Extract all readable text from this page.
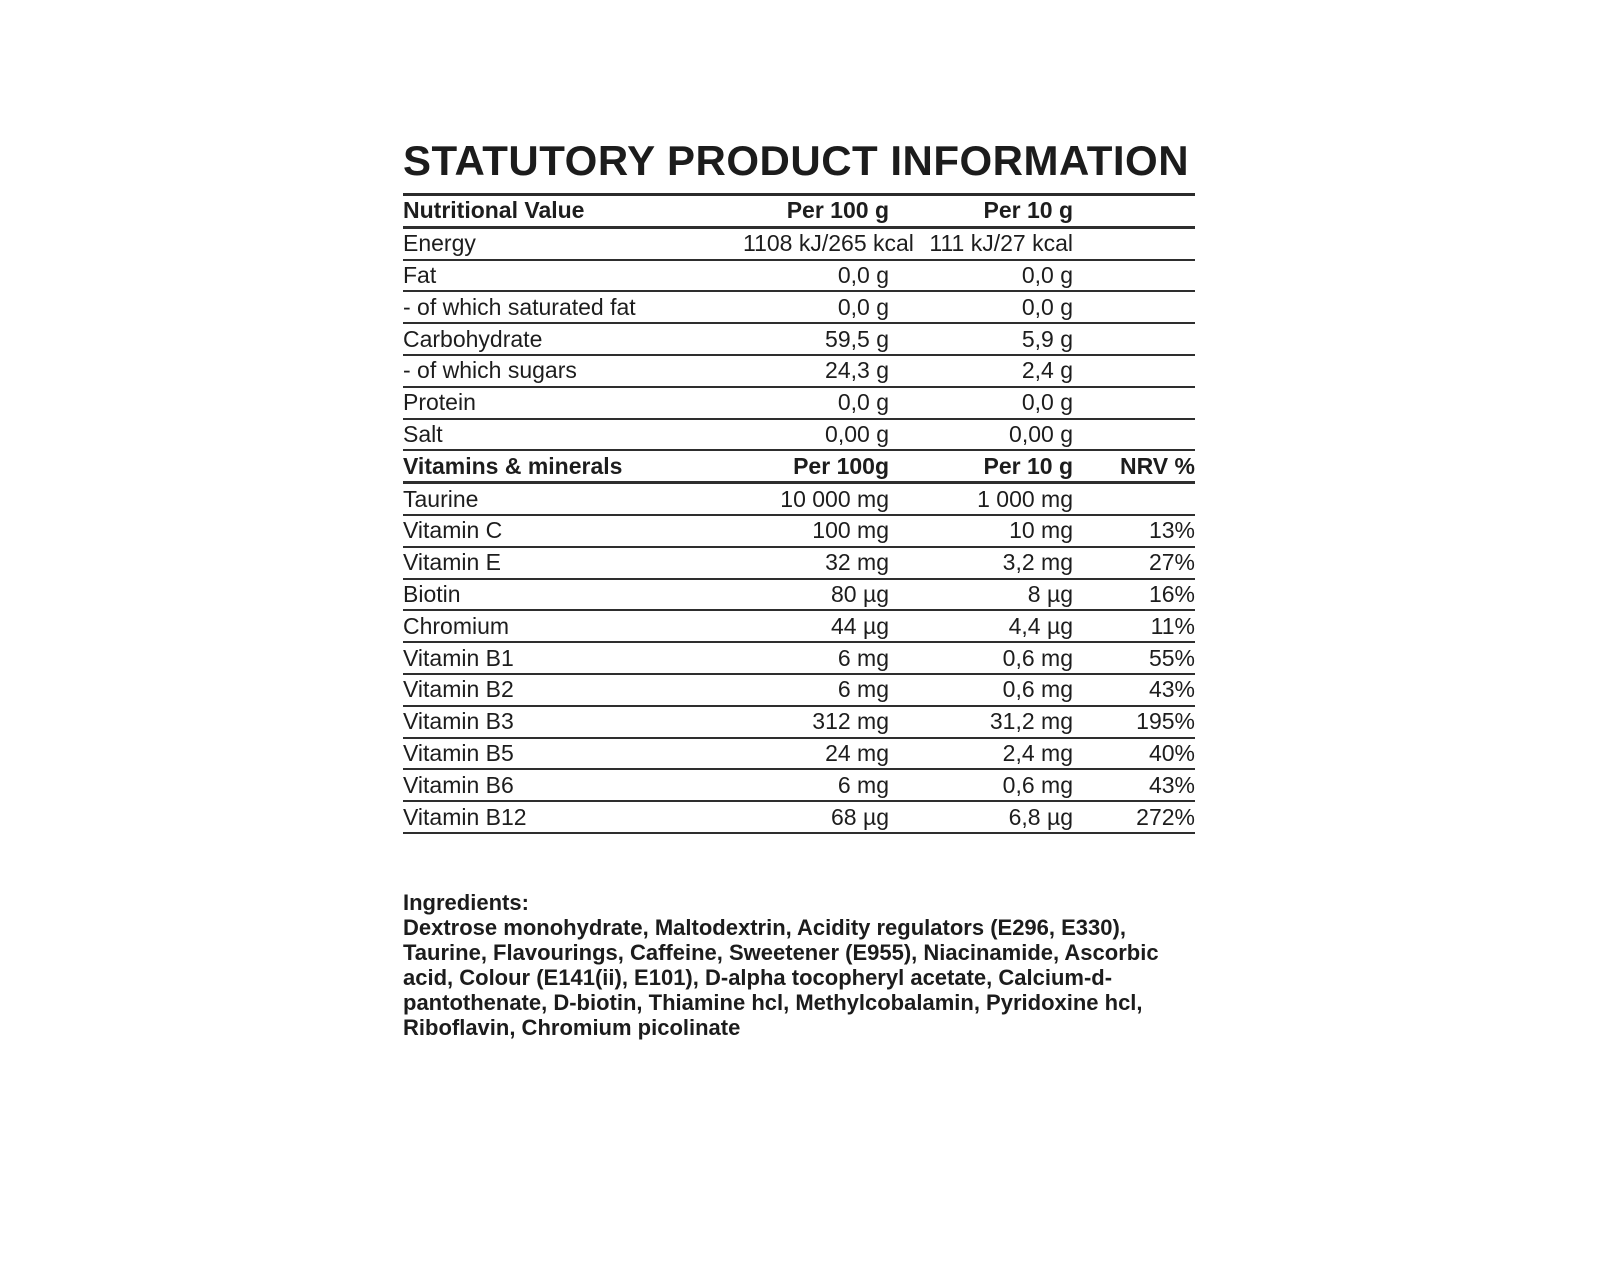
STATUTORY PRODUCT INFORMATION
Nutritional Value	Per 100 g	Per 10 g
Energy	1108 kJ/265 kcal 111 kJ/27 kcal
Fat	0,0 g	0,0 g
- of which saturated fat	0,0 g	0,0 g
Carbohydrate	59,5 g	5,9 g
- of which sugars	24,3 g	2,4 g
Protein	0,0 g	0,0 g
Salt	0,00 g	0,00 g
Vitamins & minerals	Per 100g	Per 10 g	NRV %
Taurine	10 000 mg	1 000 mg
Vitamin C	100 mg	10 mg	13%
Vitamin E	32 mg	3,2 mg	27%
Biotin	80 µg	8 µg	16%
Chromium	44 µg	4,4 µg	11%
Vitamin B1	6 mg	0,6 mg	55%
Vitamin B2	6 mg	0,6 mg	43%
Vitamin B3	312 mg	31,2 mg	195%
Vitamin B5	24 mg	2,4 mg	40%
Vitamin B6	6 mg	0,6 mg	43%
Vitamin B12	68 µg	6,8 µg	272%
Ingredients:
Dextrose monohydrate, Maltodextrin, Acidity regulators (E296, E330), Taurine, Flavourings, Caffeine, Sweetener (E955), Niacinamide, Ascorbic acid, Colour (E141(ii), E101), D-alpha tocopheryl acetate, Calcium-d-pantothenate, D-biotin, Thiamine hcl, Methylcobalamin, Pyridoxine hcl, Riboflavin, Chromium picolinate
